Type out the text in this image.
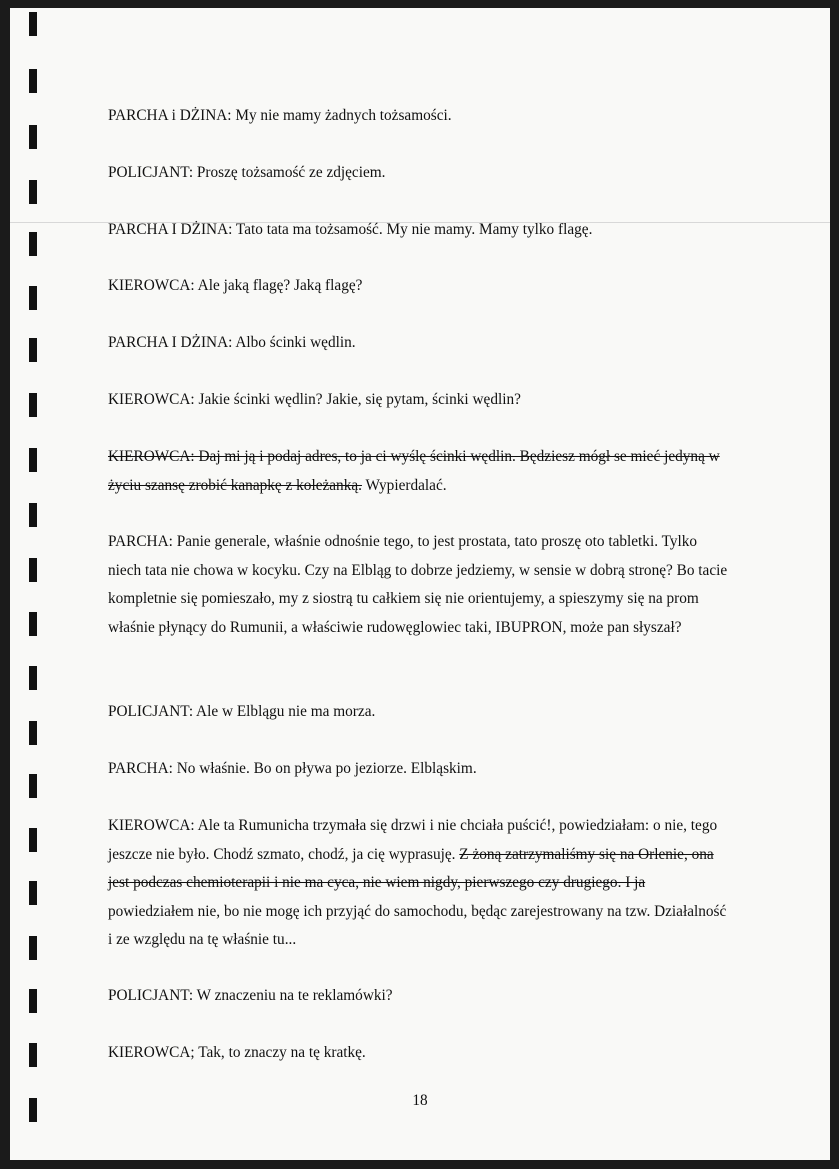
PARCHA i DŻINA: My nie mamy żadnych tożsamości.

POLICJANT: Proszę tożsamość ze zdjęciem.

PARCHA I DŻINA: Tato tata ma tożsamość. My nie mamy. Mamy tylko flagę.

KIEROWCA: Ale jaką flagę? Jaką flagę?

PARCHA I DŻINA: Albo ścinki wędlin.

KIEROWCA: Jakie ścinki wędlin? Jakie, się pytam, ścinki wędlin?

KIEROWCA: Daj mi ją i podaj adres, to ja ci wyślę ścinki wędlin. Będziesz mógł se mieć jedyną w życiu szansę zrobić kanapkę z koleżanką. Wypierdalać.

PARCHA: Panie generale, właśnie odnośnie tego, to jest prostata, tato proszę oto tabletki. Tylko niech tata nie chowa w kocyku. Czy na Elbląg to dobrze jedziemy, w sensie w dobrą stronę? Bo tacie kompletnie się pomieszało, my z siostrą tu całkiem się nie orientujemy, a spieszymy się na prom właśnie płynący do Rumunii, a właściwie rudowęglowiec taki, IBUPRON, może pan słyszał?

POLICJANT: Ale w Elblągu nie ma morza.

PARCHA: No właśnie. Bo on pływa po jeziorze. Elbląskim.

KIEROWCA: Ale ta Rumunicha trzymała się drzwi i nie chciała puścić!, powiedziałam: o nie, tego jeszcze nie było. Chodź szmato, chodź, ja cię wyprasuję. Z żoną zatrzymaliśmy się na Orlenie, ona jest podczas chemioterapii i nie ma cyca, nie wiem nigdy, pierwszego czy drugiego. I ja powiedziałem nie, bo nie mogę ich przyjąć do samochodu, będąc zarejestrowany na tzw. Działalność i ze względu na tę właśnie tu...

POLICJANT: W znaczeniu na te reklamówki?

KIEROWCA; Tak, to znaczy na tę kratkę.

18
